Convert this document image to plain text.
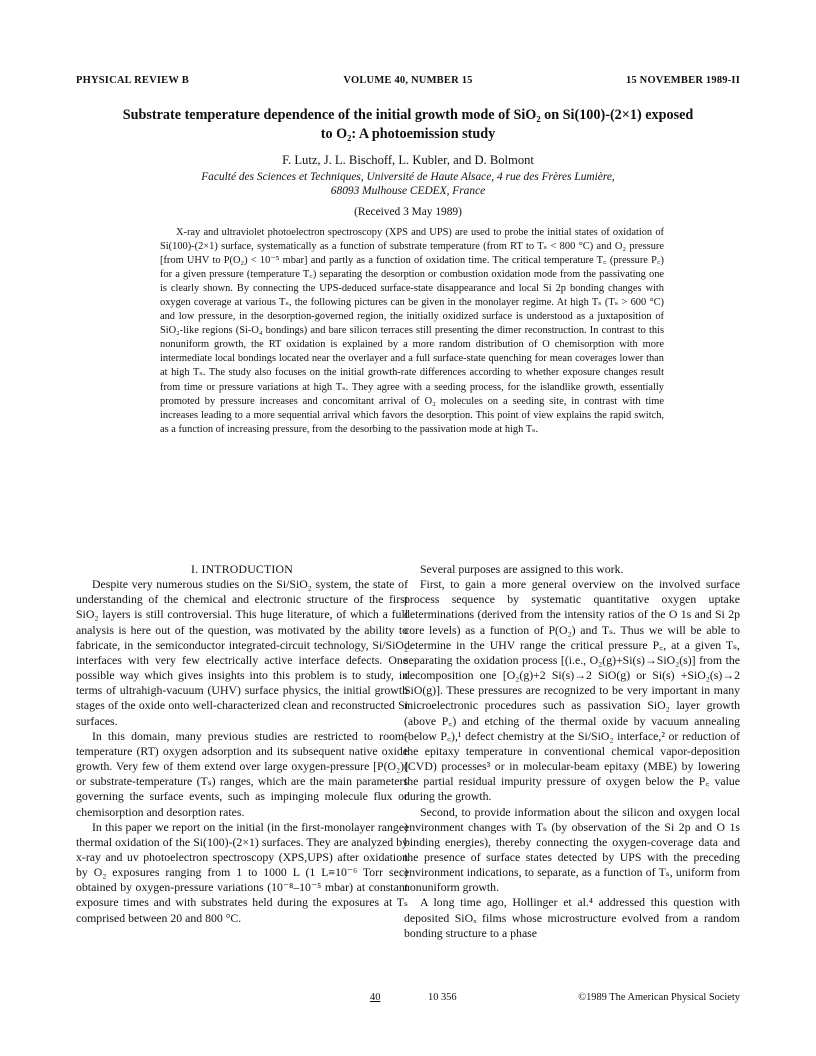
PHYSICAL REVIEW B	VOLUME 40, NUMBER 15	15 NOVEMBER 1989-II
Substrate temperature dependence of the initial growth mode of SiO₂ on Si(100)-(2×1) exposed to O₂: A photoemission study
F. Lutz, J. L. Bischoff, L. Kubler, and D. Bolmont
Faculté des Sciences et Techniques, Université de Haute Alsace, 4 rue des Frères Lumière,
68093 Mulhouse CEDEX, France
(Received 3 May 1989)

X-ray and ultraviolet photoelectron spectroscopy (XPS and UPS) are used to probe the initial states of oxidation of Si(100)-(2×1) surface, systematically as a function of substrate temperature (from RT to Tₛ < 800 °C) and O₂ pressure [from UHV to P(O₂) < 10⁻⁵ mbar] and partly as a function of oxidation time. The critical temperature T꜀ (pressure P꜀) for a given pressure (temperature T꜀) separating the desorption or combustion oxidation mode from the passivating one is clearly shown. By connecting the UPS-deduced surface-state disappearance and local Si 2p bonding changes with oxygen coverage at various Tₛ, the following pictures can be given in the monolayer regime. At high Tₛ (Tₛ > 600 °C) and low pressure, in the desorption-governed region, the initially oxidized surface is understood as a juxtaposition of SiO₂-like regions (Si-O₄ bondings) and bare silicon terraces still presenting the dimer reconstruction. In contrast to this nonuniform growth, the RT oxidation is explained by a more random distribution of O chemisorption with more intermediate local bondings located near the overlayer and a full surface-state quenching for mean coverages lower than at high Tₛ. The study also focuses on the initial growth-rate differences according to whether exposure changes result from time or pressure variations at high Tₛ. They agree with a seeding process, for the islandlike growth, essentially promoted by pressure increases and concomitant arrival of O₂ molecules on a seeding site, in contrast with time increases leading to a more sequential arrival which favors the desorption. This point of view explains the rapid switch, as a function of increasing pressure, from the desorbing to the passivation mode at high Tₛ.

I. INTRODUCTION

Despite very numerous studies on the Si/SiO₂ system, the state of understanding of the chemical and electronic structure of the first SiO₂ layers is still controversial. This huge literature, of which a full analysis is here out of the question, was motivated by the ability to fabricate, in the semiconductor integrated-circuit technology, Si/SiO₂ interfaces with very few electrically active interface defects. One possible way which gives insights into this problem is to study, in terms of ultrahigh-vacuum (UHV) surface physics, the initial growth stages of the oxide onto well-characterized clean and reconstructed Si surfaces.

In this domain, many previous studies are restricted to room-temperature (RT) oxygen adsorption and its subsequent native oxide growth. Very few of them extend over large oxygen-pressure [P(O₂)] or substrate-temperature (Tₛ) ranges, which are the main parameters governing the surface events, such as impinging molecule flux or chemisorption and desorption rates.

In this paper we report on the initial (in the first-monolayer range) thermal oxidation of the Si(100)-(2×1) surfaces. They are analyzed by x-ray and uv photoelectron spectroscopy (XPS,UPS) after oxidation by O₂ exposures ranging from 1 to 1000 L (1 L≡10⁻⁶ Torr sec) obtained by oxygen-pressure variations (10⁻⁸–10⁻⁵ mbar) at constant exposure times and with substrates held during the exposures at Tₛ comprised between 20 and 800 °C.

Several purposes are assigned to this work.

First, to gain a more general overview on the involved surface process sequence by systematic quantitative oxygen uptake determinations (derived from the intensity ratios of the O 1s and Si 2p core levels) as a function of P(O₂) and Tₛ. Thus we will be able to determine in the UHV range the critical pressure P꜀, at a given Tₛ, separating the oxidation process [(i.e., O₂(g)+Si(s)→SiO₂(s)] from the decomposition one [O₂(g)+2 Si(s)→2 SiO(g) or Si(s) +SiO₂(s)→2 SiO(g)]. These pressures are recognized to be very important in many microelectronic procedures such as passivation SiO₂ layer growth (above P꜀) and etching of the thermal oxide by vacuum annealing (below P꜀),¹ defect chemistry at the Si/SiO₂ interface,² or reduction of the epitaxy temperature in conventional chemical vapor-deposition (CVD) processes³ or in molecular-beam epitaxy (MBE) by lowering the partial residual impurity pressure of oxygen below the P꜀ value during the growth.

Second, to provide information about the silicon and oxygen local environment changes with Tₛ (by observation of the Si 2p and O 1s binding energies), thereby connecting the oxygen-coverage data and the presence of surface states detected by UPS with the preceding environment indications, to separate, as a function of Tₛ, uniform from nonuniform growth.

A long time ago, Hollinger et al.⁴ addressed this question with deposited SiOₓ films whose microstructure evolved from a random bonding structure to a phase

40	10 356	©1989 The American Physical Society
